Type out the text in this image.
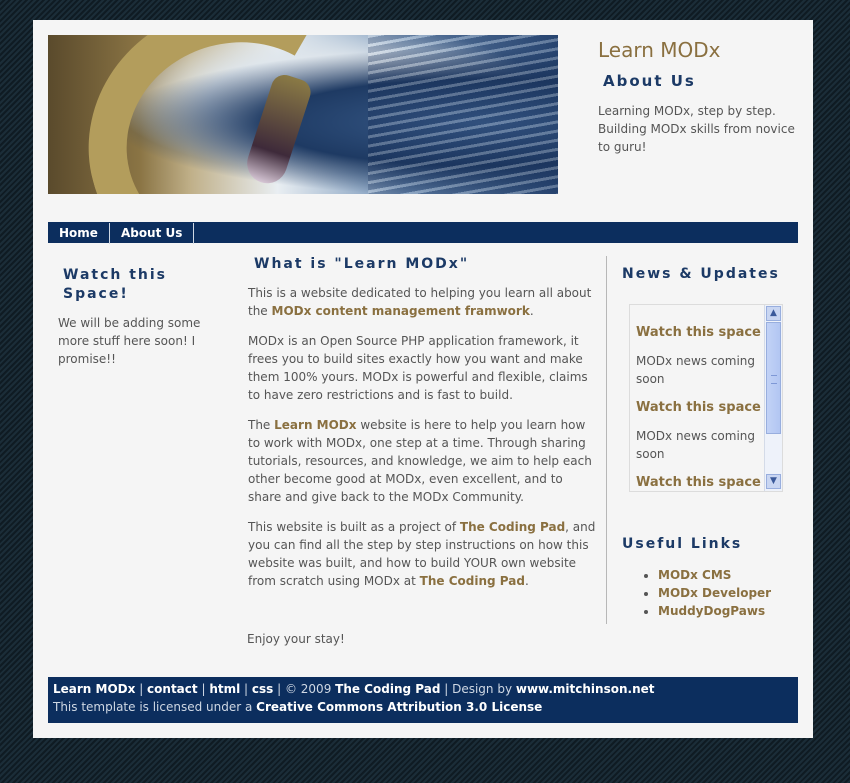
Learn MODx
About Us
Learning MODx, step by step. Building MODx skills from novice to guru!
Home About Us
Watch this Space!
We will be adding some more stuff here soon! I promise!!
What is "Learn MODx"

This is a website dedicated to helping you learn all about the MODx content management framwork.

MODx is an Open Source PHP application framework, it frees you to build sites exactly how you want and make them 100% yours. MODx is powerful and flexible, claims to have zero restrictions and is fast to build.

The Learn MODx website is here to help you learn how to work with MODx, one step at a time. Through sharing tutorials, resources, and knowledge, we aim to help each other become good at MODx, even excellent, and to share and give back to the MODx Community.

This website is built as a project of The Coding Pad, and you can find all the step by step instructions on how this website was built, and how to build YOUR own website from scratch using MODx at The Coding Pad.

Enjoy your stay!
News & Updates
Watch this space
MODx news coming soon
Watch this space
MODx news coming soon
Watch this space
▲
▼
Useful Links
• MODx CMS
• MODx Developer
• MuddyDogPaws
Learn MODx | contact | html | css | © 2009 The Coding Pad | Design by www.mitchinson.net
This template is licensed under a Creative Commons Attribution 3.0 License
